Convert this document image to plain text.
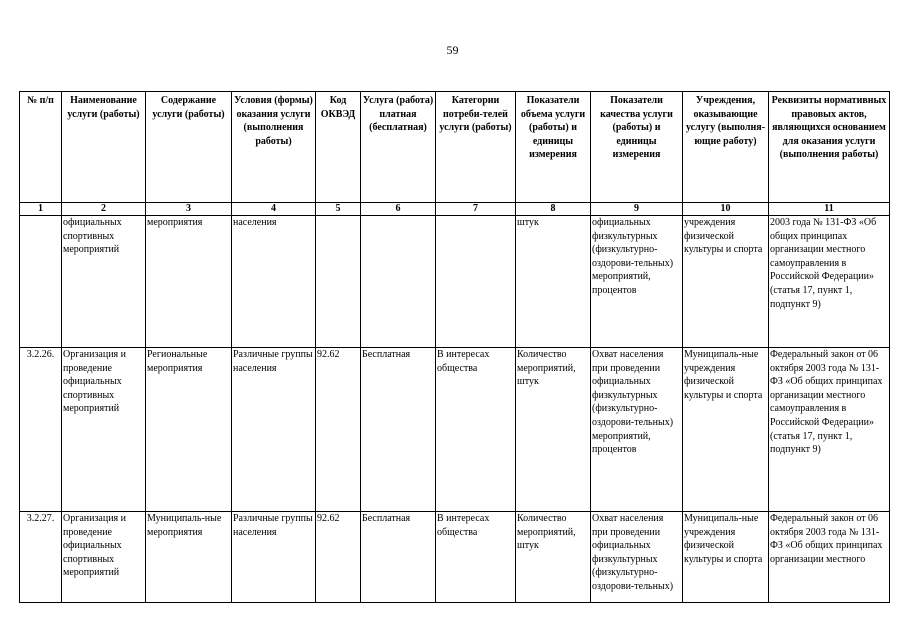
59
№ п/п	Наименование услуги (работы)	Содержание услуги (работы)	Условия (формы) оказания услуги (выполнения работы)	Код ОКВЭД	Услуга (работа) платная (бесплатная)	Категории потреби-телей услуги (работы)	Показатели объема услуги (работы) и единицы измерения	Показатели качества услуги (работы) и единицы измерения	Учреждения, оказывающие услугу (выполня-ющие работу)	Реквизиты нормативных правовых актов, являющихся основанием для оказания услуги (выполнения работы)
1	2	3	4	5	6	7	8	9	10	11
	официальных спортивных мероприятий	мероприятия	населения				штук	официальных физкультурных (физкультурно-оздорови-тельных) мероприятий, процентов	учреждения физической культуры и спорта	2003 года № 131-ФЗ «Об общих принципах организации местного самоуправления в Российской Федерации» (статья 17, пункт 1, подпункт 9)
3.2.26.	Организация и проведение официальных спортивных мероприятий	Региональные мероприятия	Различные группы населения	92.62	Бесплатная	В интересах общества	Количество мероприятий, штук	Охват населения при проведении официальных физкультурных (физкультурно-оздорови-тельных) мероприятий, процентов	Муниципаль-ные учреждения физической культуры и спорта	Федеральный закон от 06 октября 2003 года № 131-ФЗ «Об общих принципах организации местного самоуправления в Российской Федерации» (статья 17, пункт 1, подпункт 9)
3.2.27.	Организация и проведение официальных спортивных мероприятий	Муниципаль-ные мероприятия	Различные группы населения	92.62	Бесплатная	В интересах общества	Количество мероприятий, штук	Охват населения при проведении официальных физкультурных (физкультурно-оздорови-тельных)	Муниципаль-ные учреждения физической культуры и спорта	Федеральный закон от 06 октября 2003 года № 131-ФЗ «Об общих принципах организации местного
